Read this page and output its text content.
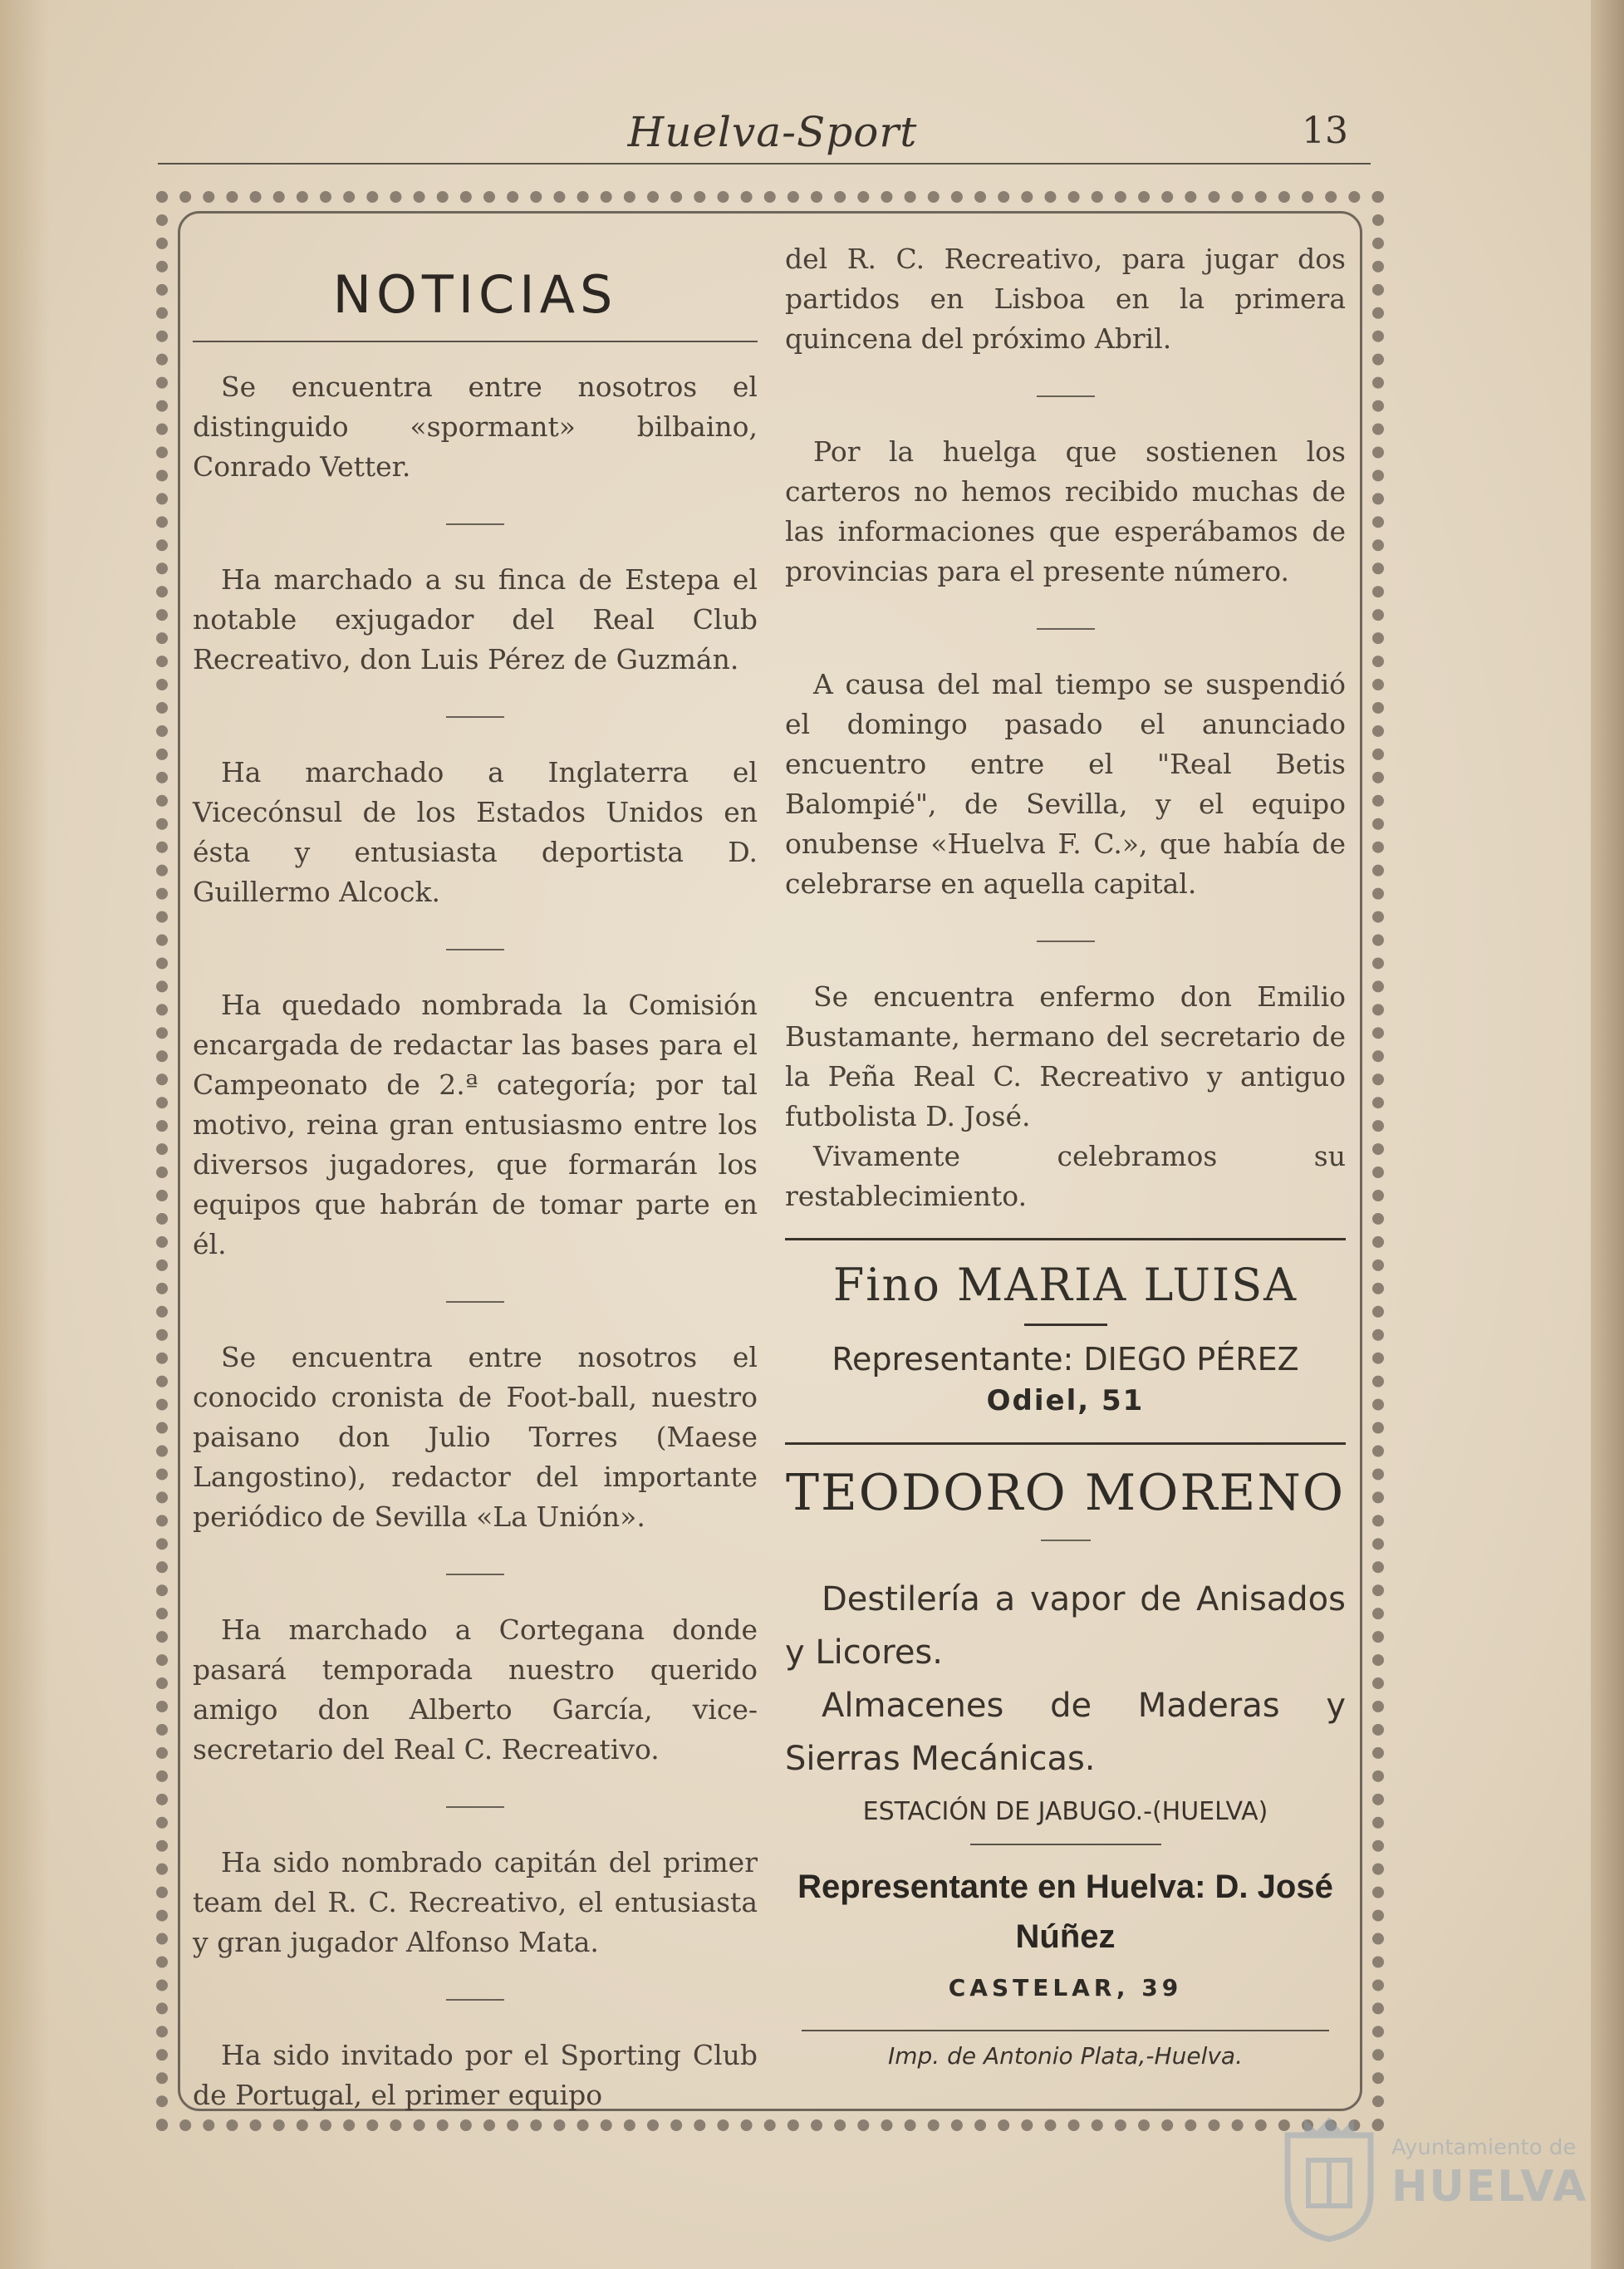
Huelva-Sport	13
NOTICIAS

Se encuentra entre nosotros el distinguido «spormant» bilbaino, Conrado Vetter.

Ha marchado a su finca de Estepa el notable exjugador del Real Club Recreativo, don Luis Pérez de Guzmán.

Ha marchado a Inglaterra el Vicecónsul de los Estados Unidos en ésta y entusiasta deportista D. Guillermo Alcock.

Ha quedado nombrada la Comisión encargada de redactar las bases para el Campeonato de 2.ª categoría; por tal motivo, reina gran entusiasmo entre los diversos jugadores, que formarán los equipos que habrán de tomar parte en él.

Se encuentra entre nosotros el conocido cronista de Foot-ball, nuestro paisano don Julio Torres (Maese Langostino), redactor del importante periódico de Sevilla «La Unión».

Ha marchado a Cortegana donde pasará temporada nuestro querido amigo don Alberto García, vice-secretario del Real C. Recreativo.

Ha sido nombrado capitán del primer team del R. C. Recreativo, el entusiasta y gran jugador Alfonso Mata.

Ha sido invitado por el Sporting Club de Portugal, el primer equipo

del R. C. Recreativo, para jugar dos partidos en Lisboa en la primera quincena del próximo Abril.

Por la huelga que sostienen los carteros no hemos recibido muchas de las informaciones que esperábamos de provincias para el presente número.

A causa del mal tiempo se suspendió el domingo pasado el anunciado encuentro entre el "Real Betis Balompié", de Sevilla, y el equipo onubense «Huelva F. C.», que había de celebrarse en aquella capital.

Se encuentra enfermo don Emilio Bustamante, hermano del secretario de la Peña Real C. Recreativo y antiguo futbolista D. José.

Vivamente celebramos su restablecimiento.

Fino MARIA LUISA
Representante: DIEGO PÉREZ
Odiel, 51
TEODORO MORENO

Destilería a vapor de Anisados y Licores.

Almacenes de Maderas y Sierras Mecánicas.

ESTACIÓN DE JABUGO.-(HUELVA)
Representante en Huelva: D. José Núñez
CASTELAR, 39
Imp. de Antonio Plata,-Huelva.
Ayuntamiento de
HUELVA
